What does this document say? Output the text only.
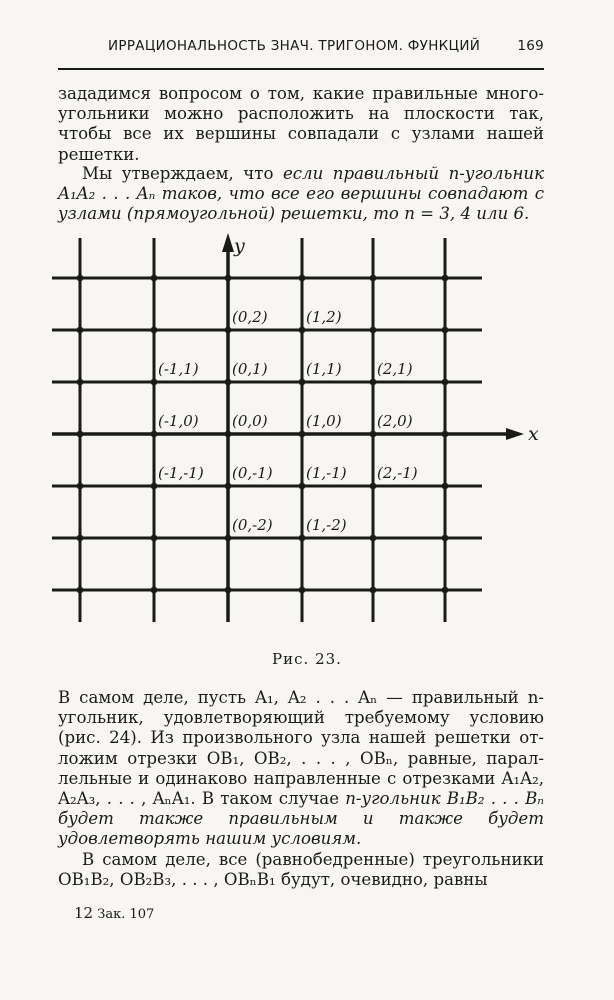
ИРРАЦИОНАЛЬНОСТЬ ЗНАЧ. ТРИГОНОМ. ФУНКЦИЙ	169

зададимся вопросом о том, какие правильные многоугольники можно расположить на плоскости так, чтобы все их вершины совпадали с узлами нашей решетки.

Мы утверждаем, что если правильный n-угольник A₁A₂ . . . Aₙ таков, что все его вершины совпадают с узлами (прямоугольной) решетки, то n = 3, 4 или 6.

(0,2)	(1,2)
(-1,1) (0,1)	(1,1) (2,1)
(-1,0) (0,0)	(1,0) (2,0)
(-1,-1) (0,-1) (1,-1) (2,-1)
(0,-2) (1,-2)
x
y
Рис. 23.

В самом деле, пусть A₁, A₂ . . . Aₙ — правильный n-угольник, удовлетворяющий требуемому условию (рис. 24). Из произвольного узла нашей решетки отложим отрезки OB₁, OB₂, . . . , OBₙ, равные, параллельные и одинаково направленные с отрезками A₁A₂, A₂A₃, . . . , AₙA₁. В таком случае n-угольник B₁B₂ . . . Bₙ будет также правильным и также будет удовлетворять нашим условиям.

В самом деле, все (равнобедренные) треугольники OB₁B₂, OB₂B₃, . . . , OBₙB₁ будут, очевидно, равны

12 Зак. 107
